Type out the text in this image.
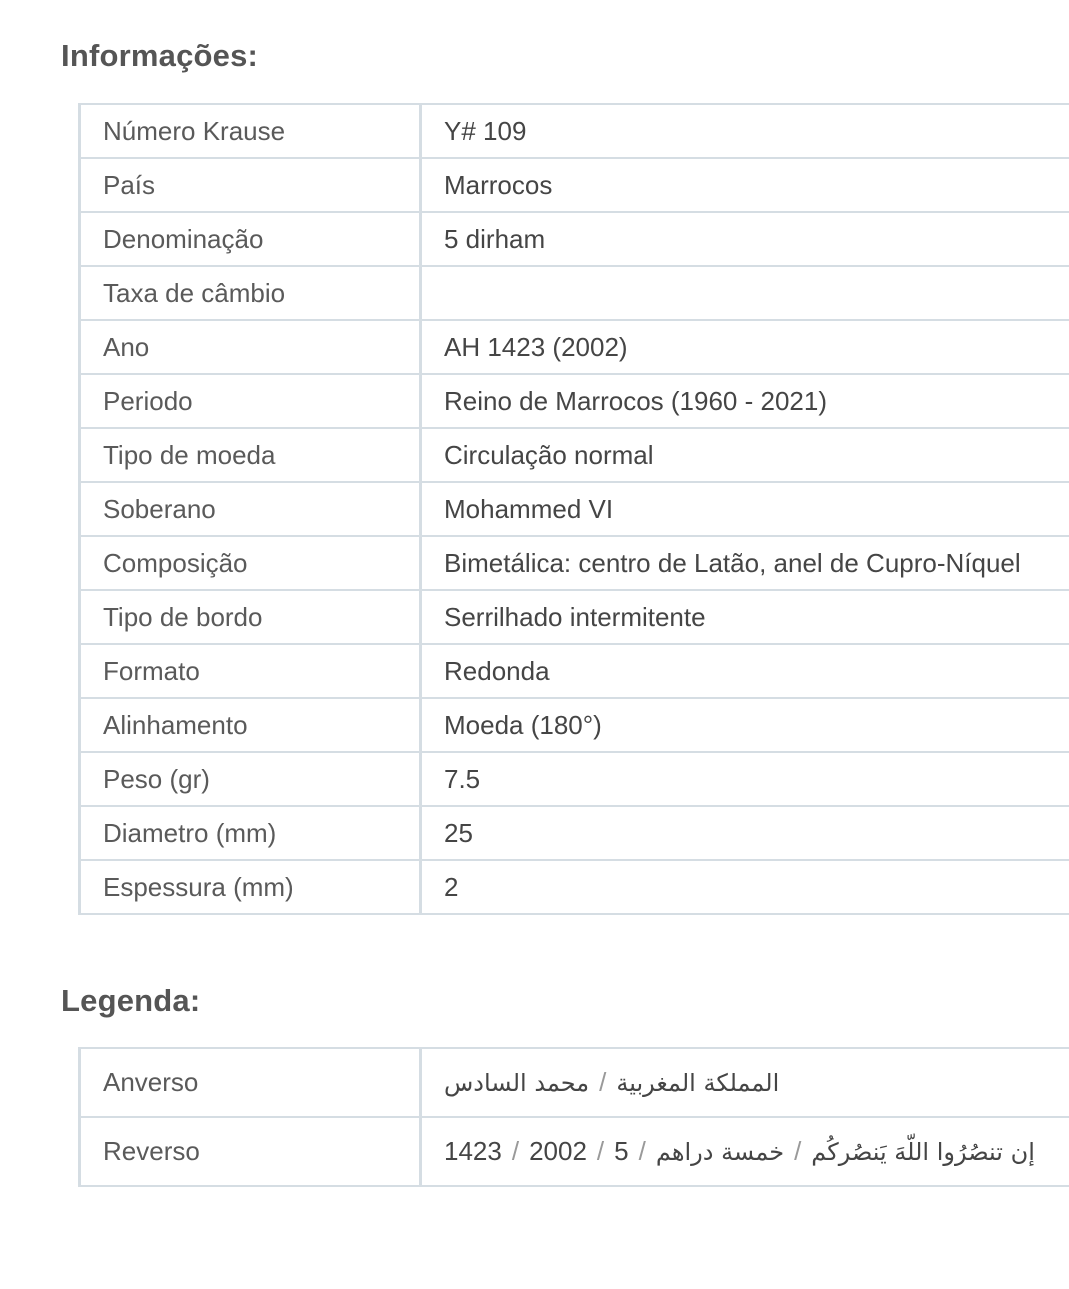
Informações:
Número Krause	Y# 109
País	Marrocos
Denominação	5 dirham
Taxa de câmbio	
Ano	AH 1423 (2002)
Periodo	Reino de Marrocos (1960 - 2021)
Tipo de moeda	Circulação normal
Soberano	Mohammed VI
Composição	Bimetálica: centro de Latão, anel de Cupro-Níquel
Tipo de bordo	Serrilhado intermitente
Formato	Redonda
Alinhamento	Moeda (180°)
Peso (gr)	7.5
Diametro (mm)	25
Espessura (mm)	2
Legenda:
Anverso	محمد السادس / المملكة المغربية
Reverso	1423 / 2002 / 5 / خمسة دراهم / إن تنصُرُوا اللّهَ يَنصُركُم
